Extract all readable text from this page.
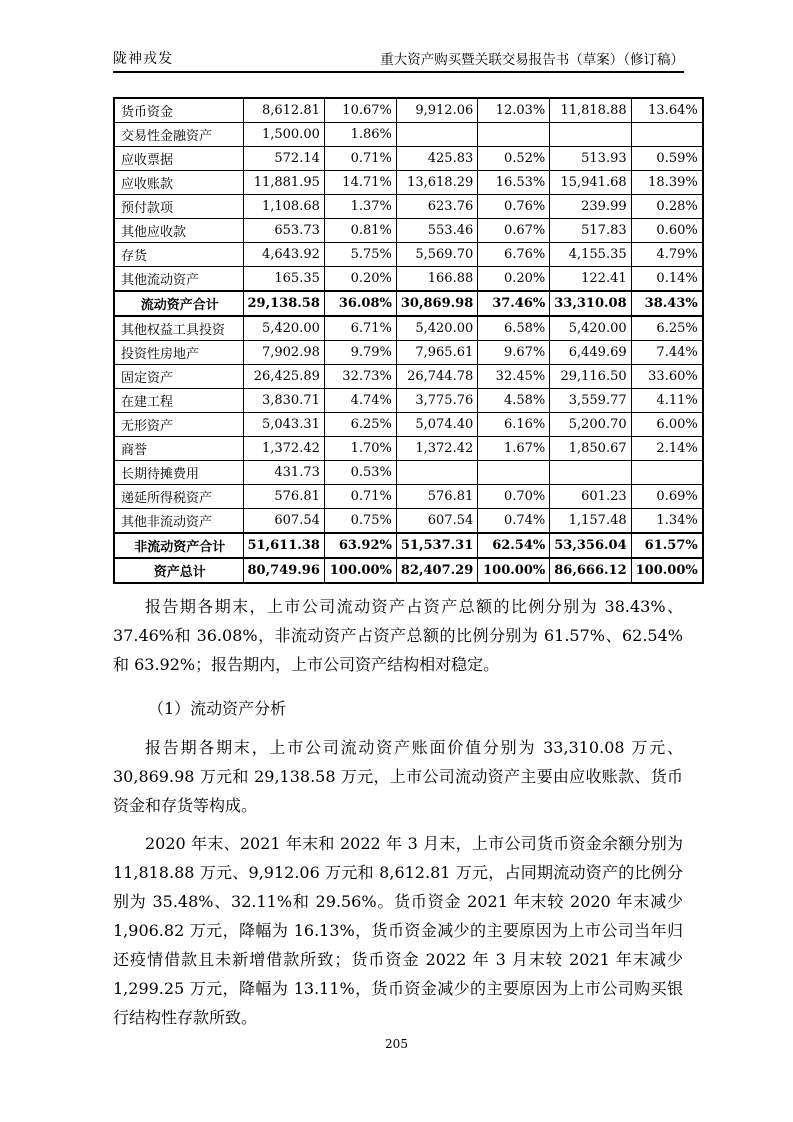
陇神戎发	重大资产购买暨关联交易报告书（草案）（修订稿）
货币资金	8,612.81	10.67%	9,912.06	12.03%	11,818.88	13.64%
交易性金融资产	1,500.00	1.86%				
应收票据	572.14	0.71%	425.83	0.52%	513.93	0.59%
应收账款	11,881.95	14.71%	13,618.29	16.53%	15,941.68	18.39%
预付款项	1,108.68	1.37%	623.76	0.76%	239.99	0.28%
其他应收款	653.73	0.81%	553.46	0.67%	517.83	0.60%
存货	4,643.92	5.75%	5,569.70	6.76%	4,155.35	4.79%
其他流动资产	165.35	0.20%	166.88	0.20%	122.41	0.14%
流动资产合计	29,138.58	36.08%	30,869.98	37.46%	33,310.08	38.43%
其他权益工具投资	5,420.00	6.71%	5,420.00	6.58%	5,420.00	6.25%
投资性房地产	7,902.98	9.79%	7,965.61	9.67%	6,449.69	7.44%
固定资产	26,425.89	32.73%	26,744.78	32.45%	29,116.50	33.60%
在建工程	3,830.71	4.74%	3,775.76	4.58%	3,559.77	4.11%
无形资产	5,043.31	6.25%	5,074.40	6.16%	5,200.70	6.00%
商誉	1,372.42	1.70%	1,372.42	1.67%	1,850.67	2.14%
长期待摊费用	431.73	0.53%				
递延所得税资产	576.81	0.71%	576.81	0.70%	601.23	0.69%
其他非流动资产	607.54	0.75%	607.54	0.74%	1,157.48	1.34%
非流动资产合计	51,611.38	63.92%	51,537.31	62.54%	53,356.04	61.57%
资产总计	80,749.96	100.00%	82,407.29	100.00%	86,666.12	100.00%

报告期各期末，上市公司流动资产占资产总额的比例分别为 38.43%、37.46%和 36.08%，非流动资产占资产总额的比例分别为 61.57%、62.54%和 63.92%；报告期内，上市公司资产结构相对稳定。

（1）流动资产分析

报告期各期末，上市公司流动资产账面价值分别为 33,310.08 万元、30,869.98 万元和 29,138.58 万元，上市公司流动资产主要由应收账款、货币资金和存货等构成。

2020 年末、2021 年末和 2022 年 3 月末，上市公司货币资金余额分别为 11,818.88 万元、9,912.06 万元和 8,612.81 万元，占同期流动资产的比例分别为 35.48%、32.11%和 29.56%。货币资金 2021 年末较 2020 年末减少 1,906.82 万元，降幅为 16.13%，货币资金减少的主要原因为上市公司当年归还疫情借款且未新增借款所致；货币资金 2022 年 3 月末较 2021 年末减少 1,299.25 万元，降幅为 13.11%，货币资金减少的主要原因为上市公司购买银行结构性存款所致。

205
